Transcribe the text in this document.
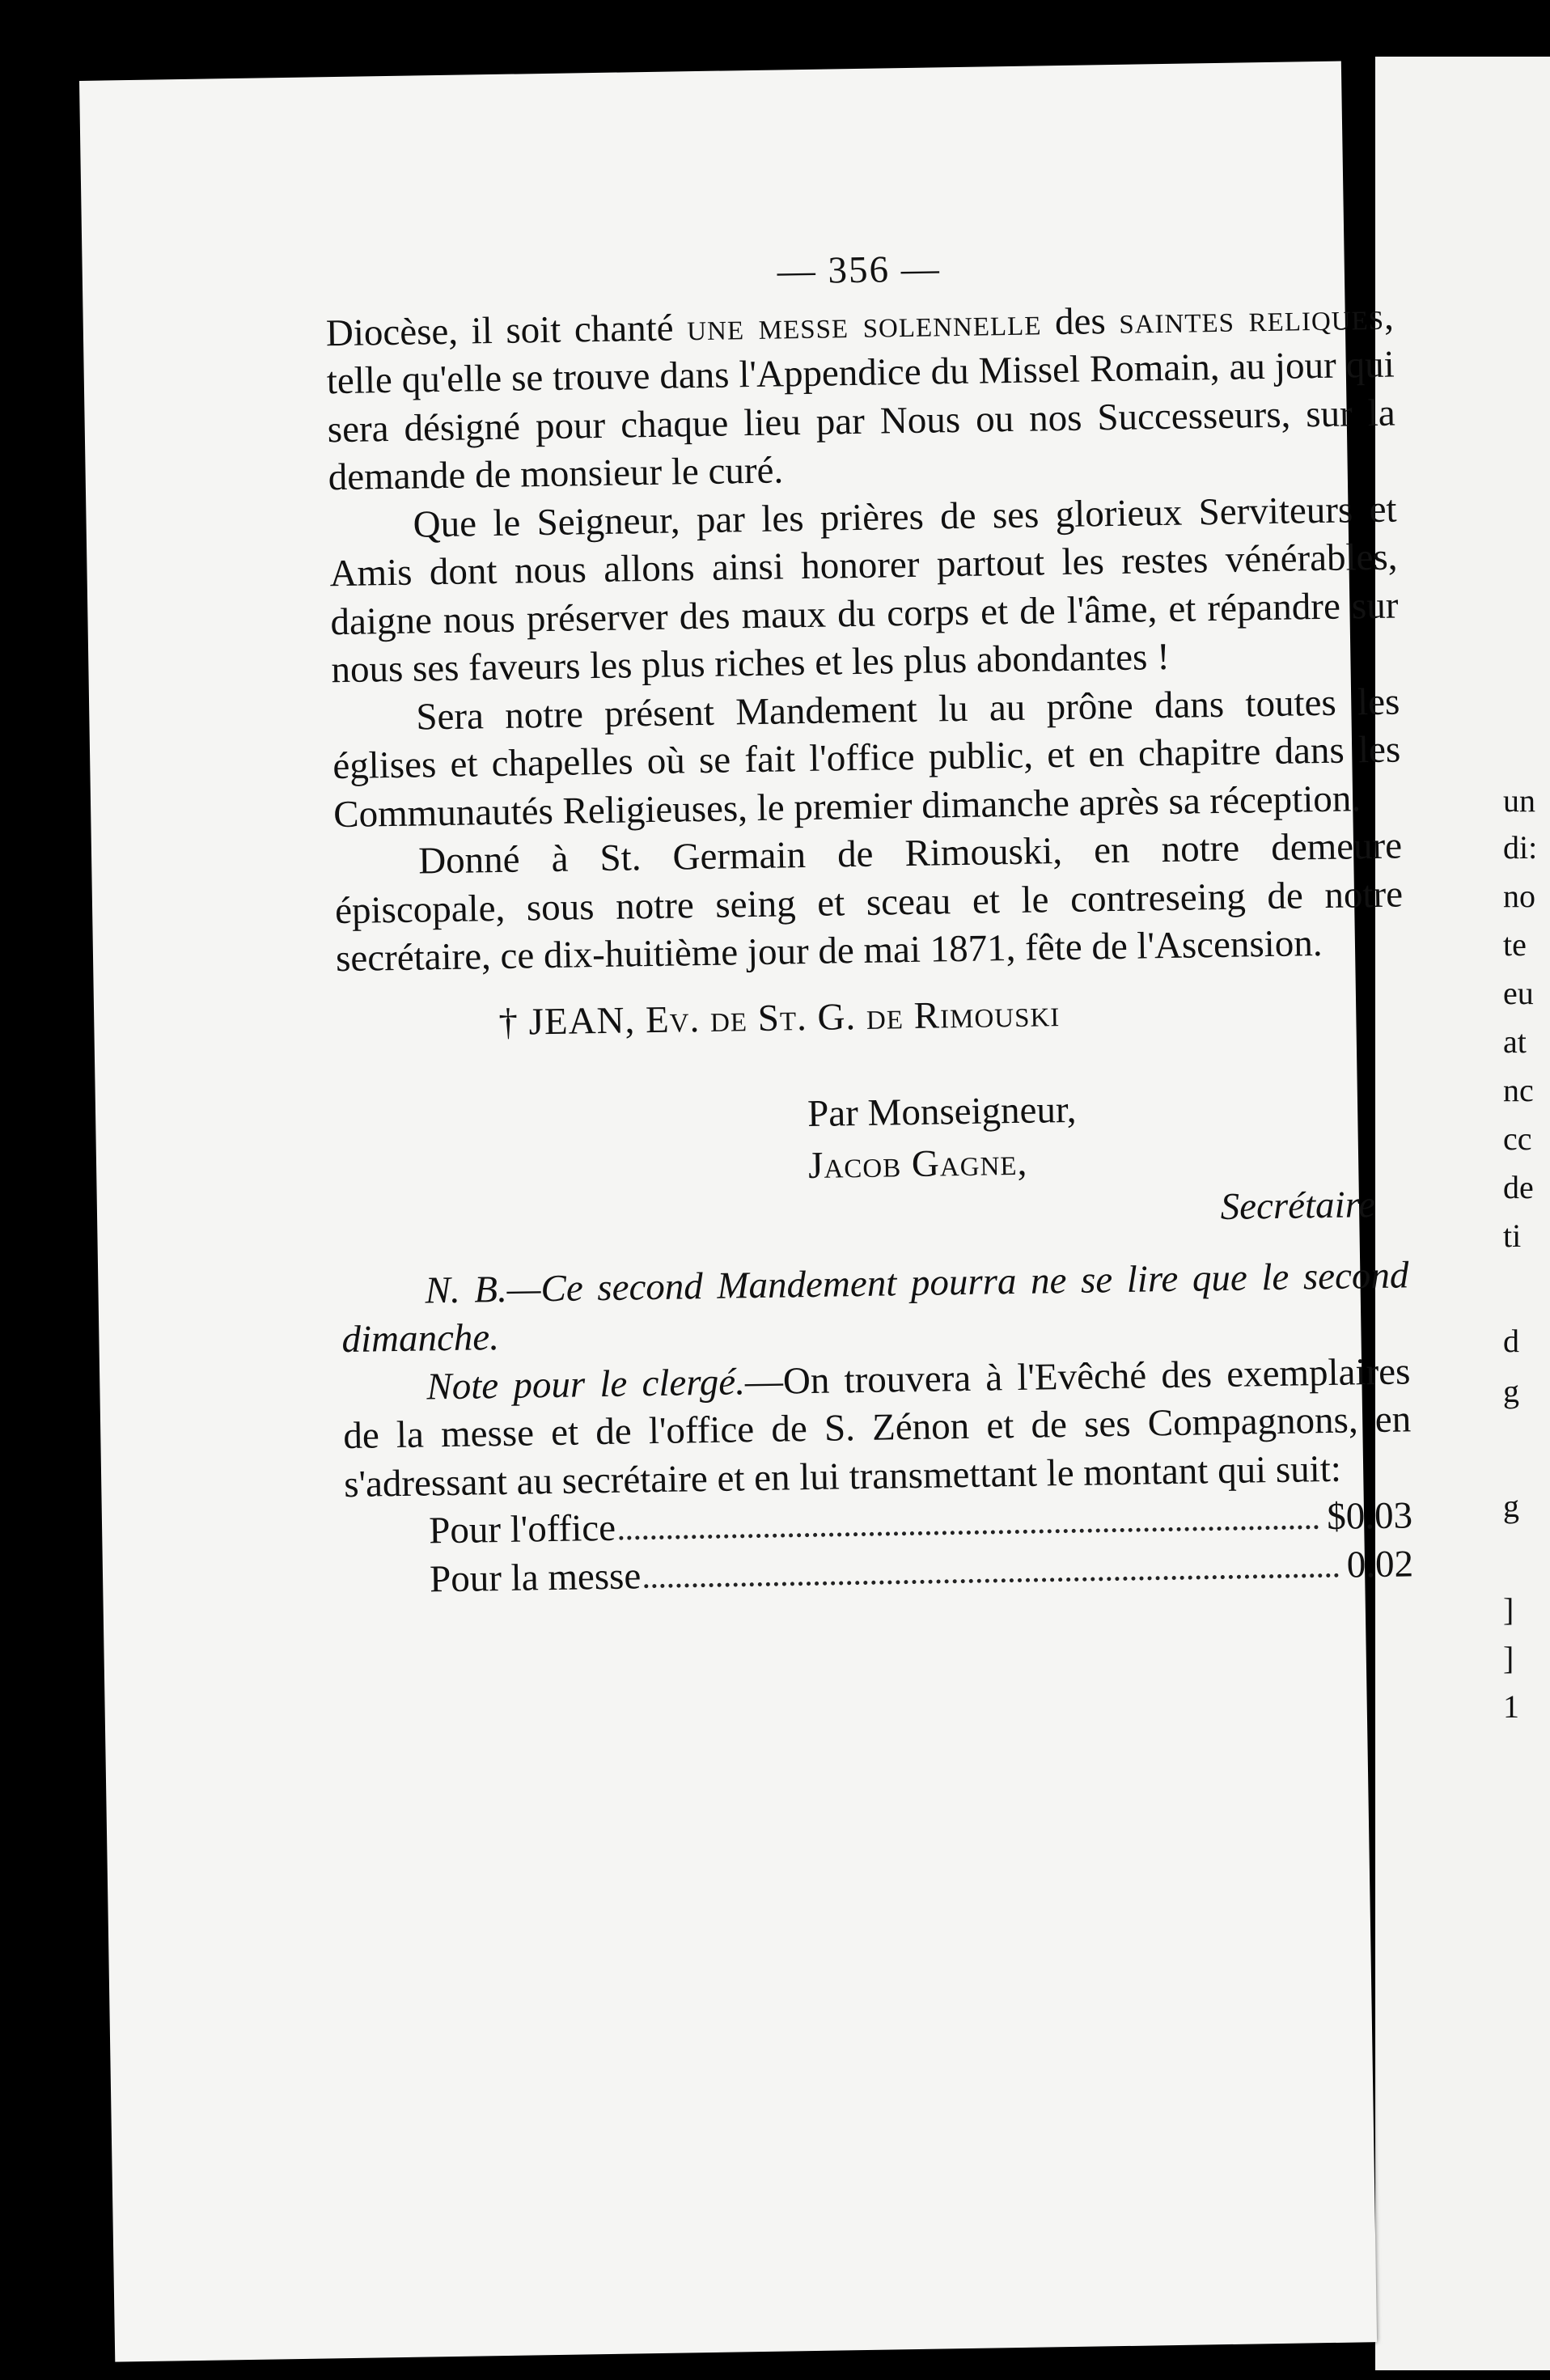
un
di:
no
te
eu
at
nc
cc
de
ti
d
g
g
]
]
1
— 356 —

Diocèse, il soit chanté une messe solennelle des saintes reliques, telle qu'elle se trouve dans l'Appendice du Missel Romain, au jour qui sera désigné pour chaque lieu par Nous ou nos Successeurs, sur la demande de monsieur le curé.

Que le Seigneur, par les prières de ses glorieux Serviteurs et Amis dont nous allons ainsi honorer partout les restes vénérables, daigne nous préserver des maux du corps et de l'âme, et répandre sur nous ses faveurs les plus riches et les plus abondantes !

Sera notre présent Mandement lu au prône dans toutes les églises et chapelles où se fait l'office public, et en chapitre dans les Communautés Religieuses, le premier dimanche après sa réception.

Donné à St. Germain de Rimouski, en notre demeure épiscopale, sous notre seing et sceau et le contreseing de notre secrétaire, ce dix-huitième jour de mai 1871, fête de l'Ascension.

† JEAN, Ev. de St. G. de Rimouski
Par Monseigneur,
Jacob Gagne,
Secrétaire

N. B.—Ce second Mandement pourra ne se lire que le second dimanche.

Note pour le clergé.—On trouvera à l'Evêché des exemplaires de la messe et de l'office de S. Zénon et de ses Compagnons, en s'adressant au secrétaire et en lui transmettant le montant qui suit:

Pour l'office	$0.03
Pour la messe	0.02
